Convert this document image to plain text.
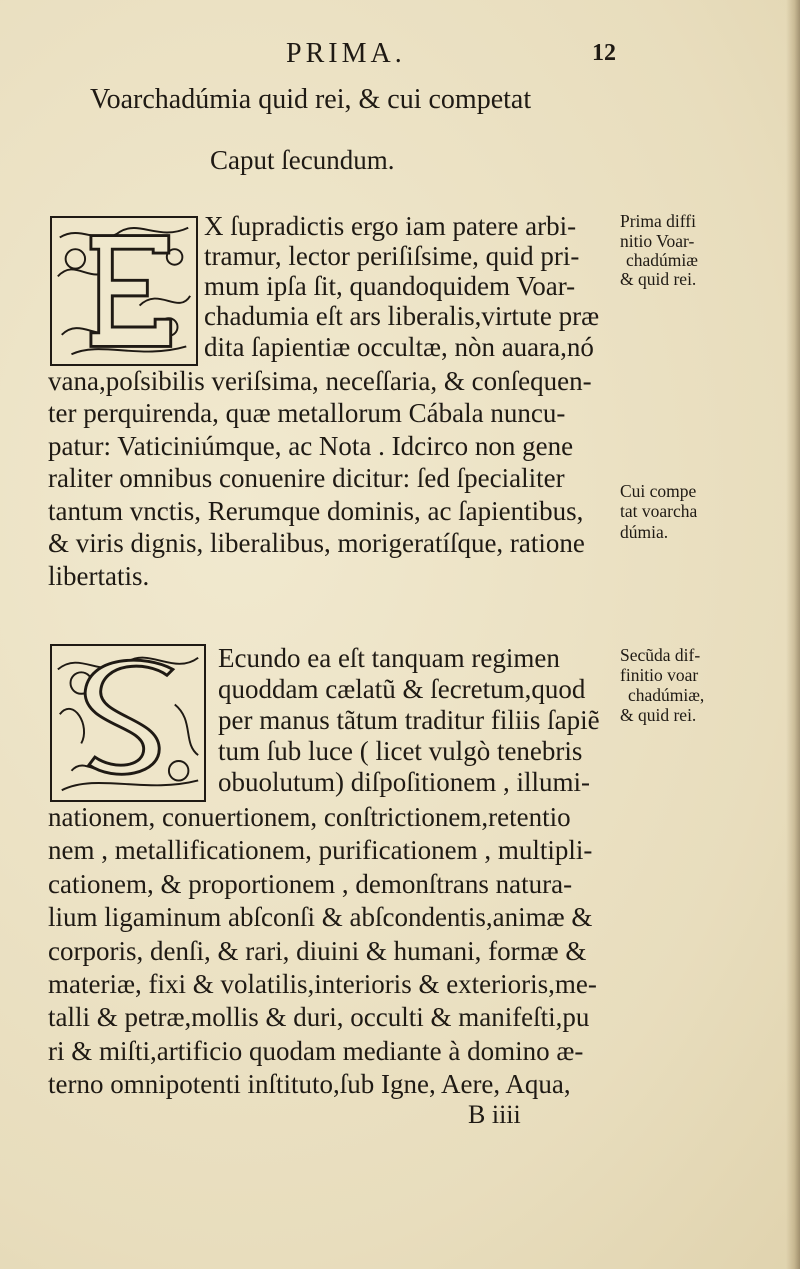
PRIMA.	12
Voarchadúmia quid rei, & cui competat
Caput ſecundum.
X ſupradictis ergo iam patere arbi-
tramur, lector periſiſsime, quid pri-
mum ipſa ſit, quandoquidem Voar-
chadumia eſt ars liberalis,virtute præ
dita ſapientiæ occultæ, nòn auara,nó
vana,poſsibilis veriſsima, neceſſaria, & conſequen-
ter perquirenda, quæ metallorum Cábala nuncu-
patur: Vaticiniúmque, ac Nota . Idcirco non gene
raliter omnibus conuenire dicitur: ſed ſpecialiter
tantum vnctis, Rerumque dominis, ac ſapientibus,
& viris dignis, liberalibus, morigeratíſque, ratione
libertatis.
Prima diffi
nitio Voar-
chadúmiæ
& quid rei.
Cui compe
tat voarcha
dúmia.
Ecundo ea eſt tanquam regimen
quoddam cælatũ & ſecretum,quod
per manus tãtum traditur filiis ſapiẽ
tum ſub luce ( licet vulgò tenebris
obuolutum) diſpoſitionem , illumi-
nationem, conuertionem, conſtrictionem,retentio
nem , metallificationem, purificationem , multipli-
cationem, & proportionem , demonſtrans natura-
lium ligaminum abſconſi & abſcondentis,animæ &
corporis, denſi, & rari, diuini & humani, formæ &
materiæ, fixi & volatilis,interioris & exterioris,me-
talli & petræ,mollis & duri, occulti & manifeſti,pu
ri & miſti,artificio quodam mediante à domino æ-
terno omnipotenti inſtituto,ſub Igne, Aere, Aqua,
Secũda dif-
finitio voar
chadúmiæ,
& quid rei.
B iiii
